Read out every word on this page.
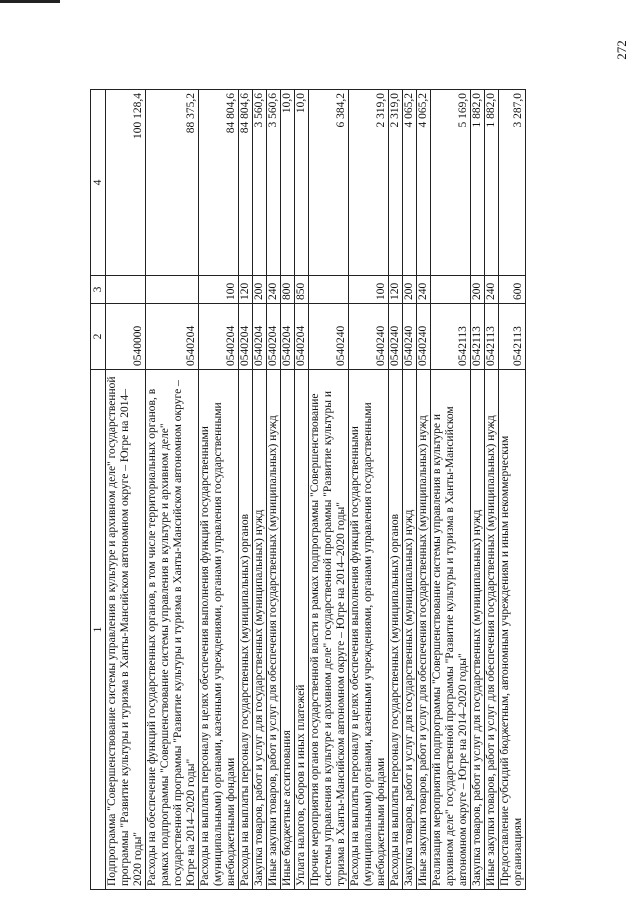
272
1	2	3	4
Подпрограмма "Совершенствование системы управления в культуре и архивном деле" государственной программы "Развитие культуры и туризма в Ханты-Мансийском автономном округе – Югре на 2014–2020 годы"	0540000		100 128,4
Расходы на обеспечение функций государственных органов, в том числе территориальных органов, в рамках подпрограммы "Совершенствование системы управления в культуре и архивном деле" государственной программы "Развитие культуры и туризма в Ханты-Мансийском автономном округе – Югре на 2014–2020 годы"	0540204		88 375,2
Расходы на выплаты персоналу в целях обеспечения выполнения функций государственными (муниципальными) органами, казенными учреждениями, органами управления государственными внебюджетными фондами	0540204	100	84 804,6
Расходы на выплаты персоналу государственных (муниципальных) органов	0540204	120	84 804,6
Закупка товаров, работ и услуг для государственных (муниципальных) нужд	0540204	200	3 560,6
Иные закупки товаров, работ и услуг для обеспечения государственных (муниципальных) нужд	0540204	240	3 560,6
Иные бюджетные ассигнования	0540204	800	10,0
Уплата налогов, сборов и иных платежей	0540204	850	10,0
Прочие мероприятия органов государственной власти в рамках подпрограммы "Совершенствование системы управления в культуре и архивном деле" государственной программы "Развитие культуры и туризма в Ханты-Мансийском автономном округе – Югре на 2014–2020 годы"	0540240		6 384,2
Расходы на выплаты персоналу в целях обеспечения выполнения функций государственными (муниципальными) органами, казенными учреждениями, органами управления государственными внебюджетными фондами	0540240	100	2 319,0
Расходы на выплаты персоналу государственных (муниципальных) органов	0540240	120	2 319,0
Закупка товаров, работ и услуг для государственных (муниципальных) нужд	0540240	200	4 065,2
Иные закупки товаров, работ и услуг для обеспечения государственных (муниципальных) нужд	0540240	240	4 065,2
Реализация мероприятий подпрограммы "Совершенствование системы управления в культуре и архивном деле" государственной программы "Развитие культуры и туризма в Ханты-Мансийском автономном округе – Югре на 2014–2020 годы"	0542113		5 169,0
Закупка товаров, работ и услуг для государственных (муниципальных) нужд	0542113	200	1 882,0
Иные закупки товаров, работ и услуг для обеспечения государственных (муниципальных) нужд	0542113	240	1 882,0
Предоставление субсидий бюджетным, автономным учреждениям и иным некоммерческим организациям	0542113	600	3 287,0
